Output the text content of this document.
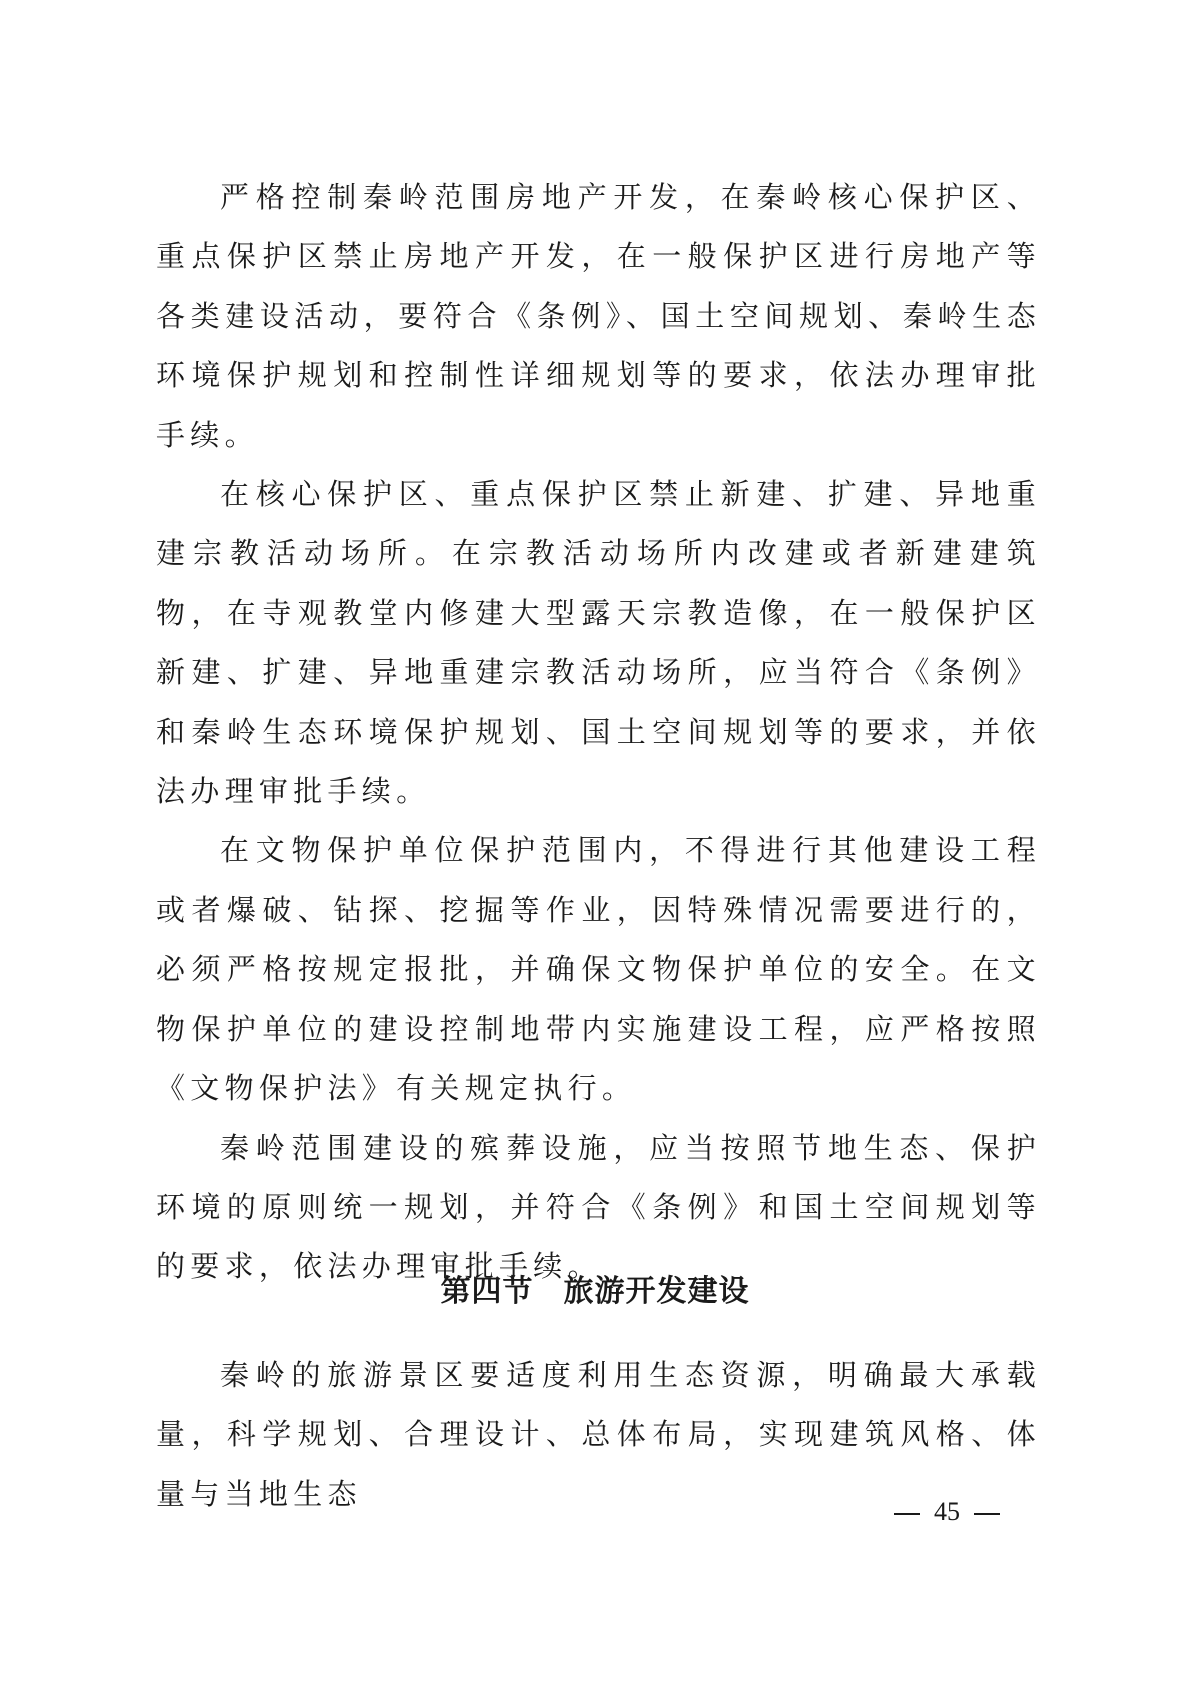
严格控制秦岭范围房地产开发，在秦岭核心保护区、重点保护区禁止房地产开发，在一般保护区进行房地产等各类建设活动，要符合《条例》、国土空间规划、秦岭生态环境保护规划和控制性详细规划等的要求，依法办理审批手续。

在核心保护区、重点保护区禁止新建、扩建、异地重建宗教活动场所。在宗教活动场所内改建或者新建建筑物，在寺观教堂内修建大型露天宗教造像，在一般保护区新建、扩建、异地重建宗教活动场所，应当符合《条例》和秦岭生态环境保护规划、国土空间规划等的要求，并依法办理审批手续。

在文物保护单位保护范围内，不得进行其他建设工程或者爆破、钻探、挖掘等作业，因特殊情况需要进行的，必须严格按规定报批，并确保文物保护单位的安全。在文物保护单位的建设控制地带内实施建设工程，应严格按照《文物保护法》有关规定执行。

秦岭范围建设的殡葬设施，应当按照节地生态、保护环境的原则统一规划，并符合《条例》和国土空间规划等的要求，依法办理审批手续。

第四节 旅游开发建设

秦岭的旅游景区要适度利用生态资源，明确最大承载量，科学规划、合理设计、总体布局，实现建筑风格、体量与当地生态

45
